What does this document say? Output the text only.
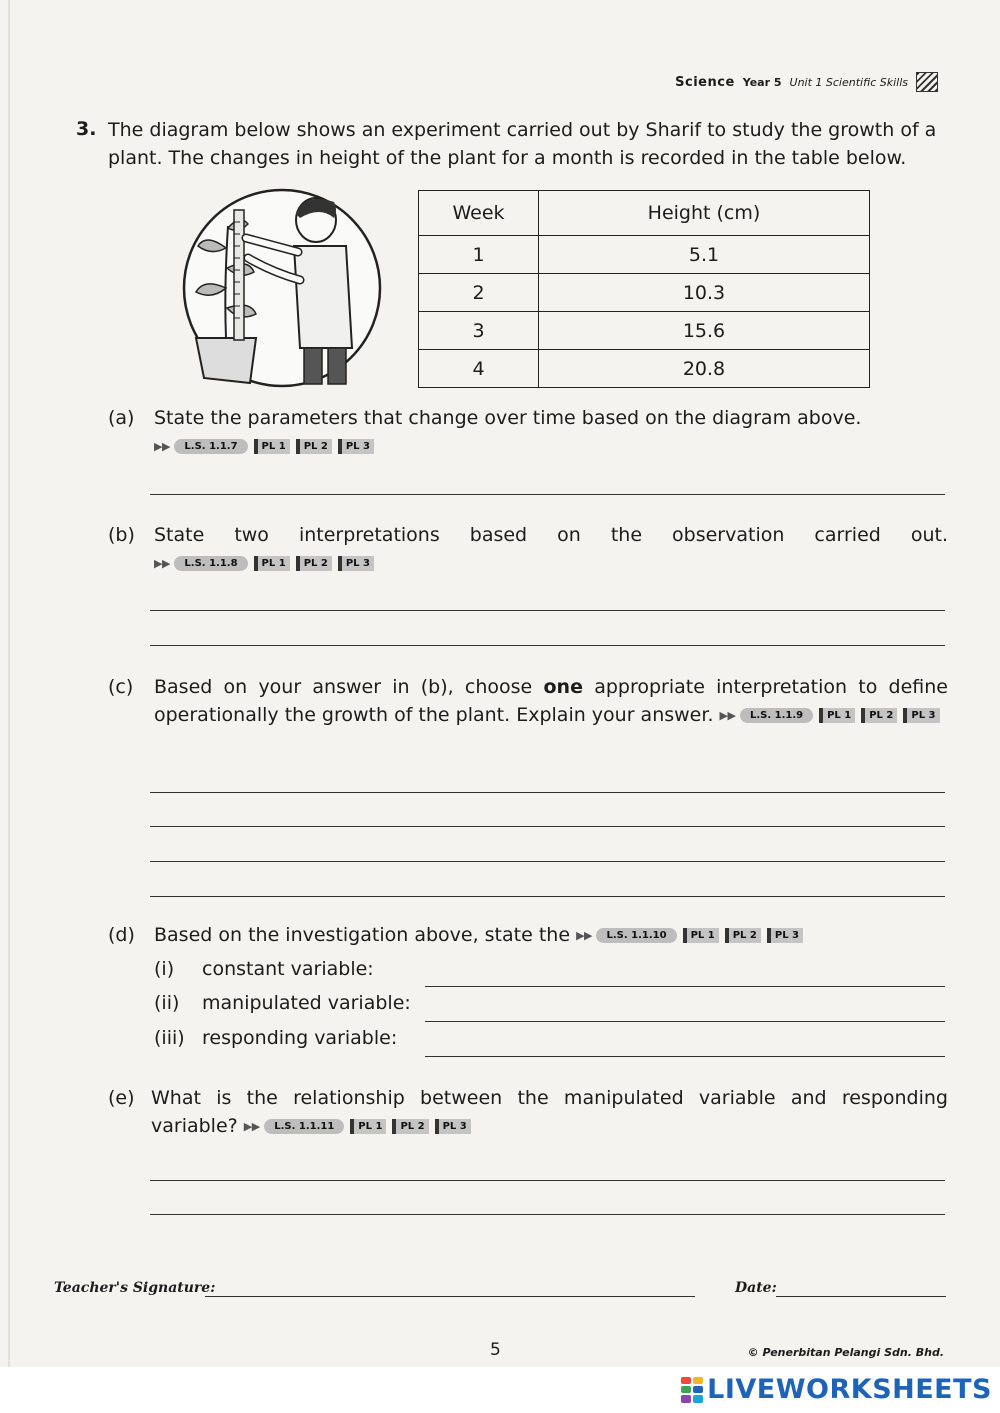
Science Year 5 Unit 1 Scientific Skills
3. The diagram below shows an experiment carried out by Sharif to study the growth of a plant. The changes in height of the plant for a month is recorded in the table below.
Week	Height (cm)
1	5.1
2	10.3
3	15.6
4	20.8
(a) State the parameters that change over time based on the diagram above.

▶ ▶	L.S. 1.1.7	PL 1	PL 2	PL 3
(b) State two interpretations based on the observation carried out.
▶ ▶	L.S. 1.1.8	PL 1	PL 2	PL 3
(c) Based on your answer in (b), choose one appropriate interpretation to define operationally the growth of the plant. Explain your answer. ▶ ▶	L.S. 1.1.9	PL 1	PL 2	PL 3
(d) Based on the investigation above, state the ▶ ▶	L.S. 1.1.10	PL 1	PL 2	PL 3
(i)	constant variable:
(ii)	manipulated variable:
(iii) responding variable:
(e) What is the relationship between the manipulated variable and responding variable? ▶ ▶	L.S. 1.1.11	PL 1	PL 2	PL 3
Teacher's Signature:	Date:
5	© Penerbitan Pelangi Sdn. Bhd.
LIVEWORKSHEETS
